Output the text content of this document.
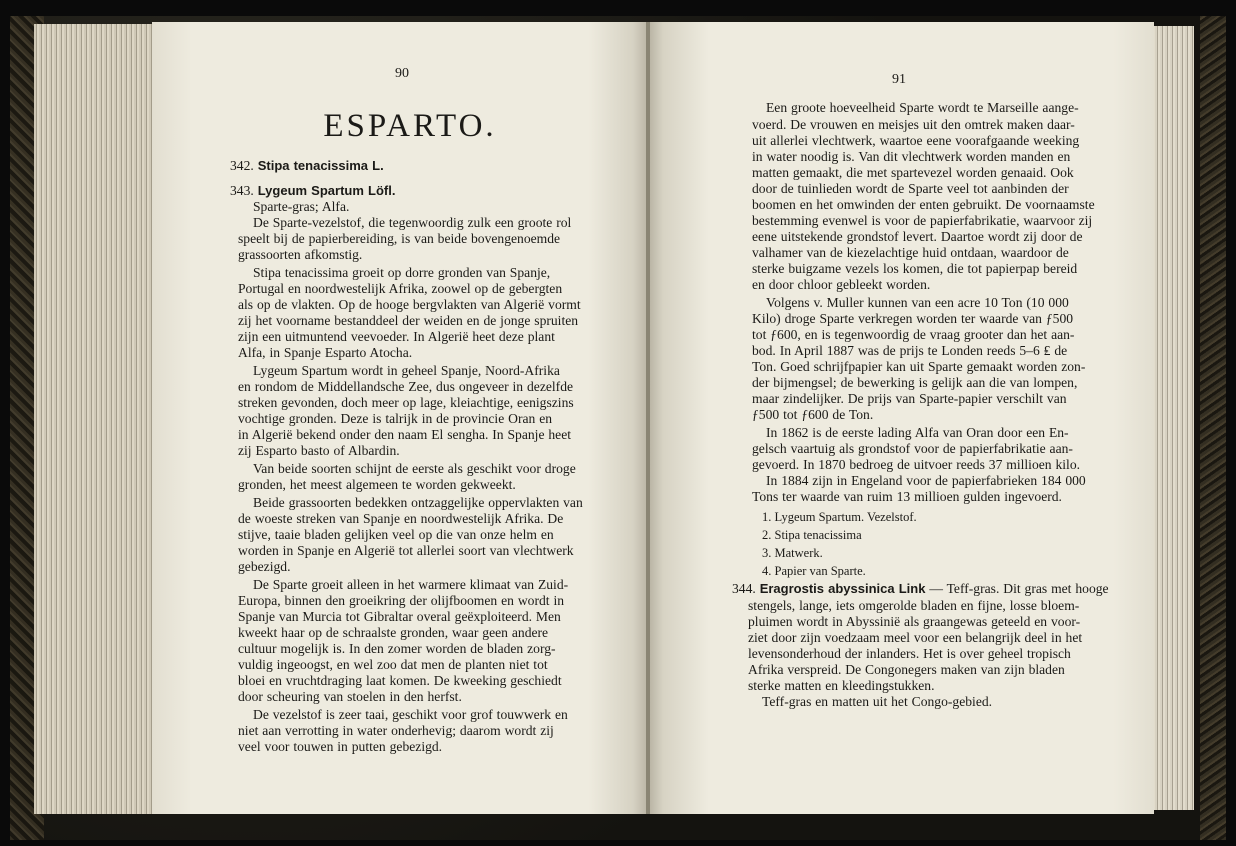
90
ESPARTO.
342. Stipa tenacissima L.
343. Lygeum Spartum Löfl.
Sparte-gras; Alfa.
De Sparte-vezelstof, die tegenwoordig zulk een groote rol
speelt bij de papierbereiding, is van beide bovengenoemde
grassoorten afkomstig.
Stipa tenacissima groeit op dorre gronden van Spanje,
Portugal en noordwestelijk Afrika, zoowel op de gebergten
als op de vlakten. Op de hooge bergvlakten van Algerië vormt
zij het voorname bestanddeel der weiden en de jonge spruiten
zijn een uitmuntend veevoeder. In Algerië heet deze plant
Alfa, in Spanje Esparto Atocha.
Lygeum Spartum wordt in geheel Spanje, Noord-Afrika
en rondom de Middellandsche Zee, dus ongeveer in dezelfde
streken gevonden, doch meer op lage, kleiachtige, eenigszins
vochtige gronden. Deze is talrijk in de provincie Oran en
in Algerië bekend onder den naam El sengha. In Spanje heet
zij Esparto basto of Albardin.
Van beide soorten schijnt de eerste als geschikt voor droge
gronden, het meest algemeen te worden gekweekt.
Beide grassoorten bedekken ontzaggelijke oppervlakten van
de woeste streken van Spanje en noordwestelijk Afrika. De
stijve, taaie bladen gelijken veel op die van onze helm en
worden in Spanje en Algerië tot allerlei soort van vlechtwerk
gebezigd.
De Sparte groeit alleen in het warmere klimaat van Zuid-
Europa, binnen den groeikring der olijfboomen en wordt in
Spanje van Murcia tot Gibraltar overal geëxploiteerd. Men
kweekt haar op de schraalste gronden, waar geen andere
cultuur mogelijk is. In den zomer worden de bladen zorg-
vuldig ingeoogst, en wel zoo dat men de planten niet tot
bloei en vruchtdraging laat komen. De kweeking geschiedt
door scheuring van stoelen in den herfst.
De vezelstof is zeer taai, geschikt voor grof touwwerk en
niet aan verrotting in water onderhevig; daarom wordt zij
veel voor touwen in putten gebezigd.
91
Een groote hoeveelheid Sparte wordt te Marseille aange-
voerd. De vrouwen en meisjes uit den omtrek maken daar-
uit allerlei vlechtwerk, waartoe eene voorafgaande weeking
in water noodig is. Van dit vlechtwerk worden manden en
matten gemaakt, die met spartevezel worden genaaid. Ook
door de tuinlieden wordt de Sparte veel tot aanbinden der
boomen en het omwinden der enten gebruikt. De voornaamste
bestemming evenwel is voor de papierfabrikatie, waarvoor zij
eene uitstekende grondstof levert. Daartoe wordt zij door de
valhamer van de kiezelachtige huid ontdaan, waardoor de
sterke buigzame vezels los komen, die tot papierpap bereid
en door chloor gebleekt worden.
Volgens v. Muller kunnen van een acre 10 Ton (10 000
Kilo) droge Sparte verkregen worden ter waarde van ƒ500
tot ƒ600, en is tegenwoordig de vraag grooter dan het aan-
bod. In April 1887 was de prijs te Londen reeds 5–6 ₤ de
Ton. Goed schrijfpapier kan uit Sparte gemaakt worden zon-
der bijmengsel; de bewerking is gelijk aan die van lompen,
maar zindelijker. De prijs van Sparte-papier verschilt van
ƒ500 tot ƒ600 de Ton.
In 1862 is de eerste lading Alfa van Oran door een En-
gelsch vaartuig als grondstof voor de papierfabrikatie aan-
gevoerd. In 1870 bedroeg de uitvoer reeds 37 millioen kilo.
In 1884 zijn in Engeland voor de papierfabrieken 184 000
Tons ter waarde van ruim 13 millioen gulden ingevoerd.
1. Lygeum Spartum. Vezelstof.
2. Stipa tenacissima
3. Matwerk.
4. Papier van Sparte.
344. Eragrostis abyssinica Link — Teff-gras. Dit gras met hooge
stengels, lange, iets omgerolde bladen en fijne, losse bloem-
pluimen wordt in Abyssinië als graangewas geteeld en voor-
ziet door zijn voedzaam meel voor een belangrijk deel in het
levensonderhoud der inlanders. Het is over geheel tropisch
Afrika verspreid. De Congonegers maken van zijn bladen
sterke matten en kleedingstukken.
Teff-gras en matten uit het Congo-gebied.
